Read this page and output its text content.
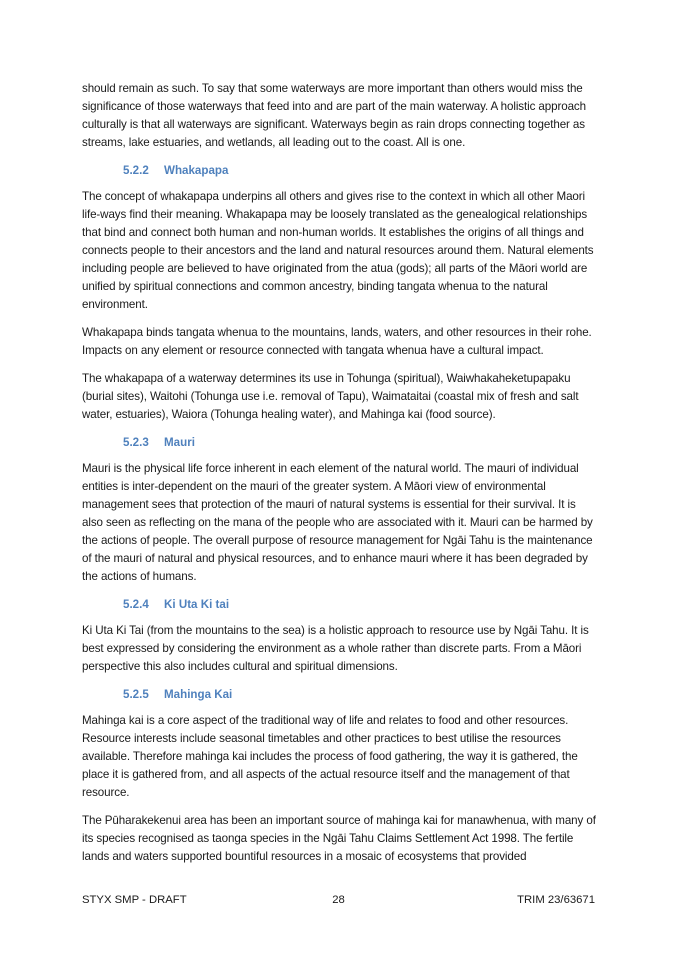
should remain as such. To say that some waterways are more important than others would miss the significance of those waterways that feed into and are part of the main waterway. A holistic approach culturally is that all waterways are significant. Waterways begin as rain drops connecting together as streams, lake estuaries, and wetlands, all leading out to the coast. All is one.

5.2.2 Whakapapa

The concept of whakapapa underpins all others and gives rise to the context in which all other Maori life-ways find their meaning. Whakapapa may be loosely translated as the genealogical relationships that bind and connect both human and non-human worlds. It establishes the origins of all things and connects people to their ancestors and the land and natural resources around them. Natural elements including people are believed to have originated from the atua (gods); all parts of the Māori world are unified by spiritual connections and common ancestry, binding tangata whenua to the natural environment.

Whakapapa binds tangata whenua to the mountains, lands, waters, and other resources in their rohe. Impacts on any element or resource connected with tangata whenua have a cultural impact.

The whakapapa of a waterway determines its use in Tohunga (spiritual), Waiwhakaheketupapaku (burial sites), Waitohi (Tohunga use i.e. removal of Tapu), Waimataitai (coastal mix of fresh and salt water, estuaries), Waiora (Tohunga healing water), and Mahinga kai (food source).

5.2.3 Mauri

Mauri is the physical life force inherent in each element of the natural world. The mauri of individual entities is inter-dependent on the mauri of the greater system. A Māori view of environmental management sees that protection of the mauri of natural systems is essential for their survival. It is also seen as reflecting on the mana of the people who are associated with it. Mauri can be harmed by the actions of people. The overall purpose of resource management for Ngāi Tahu is the maintenance of the mauri of natural and physical resources, and to enhance mauri where it has been degraded by the actions of humans.

5.2.4 Ki Uta Ki tai

Ki Uta Ki Tai (from the mountains to the sea) is a holistic approach to resource use by Ngāi Tahu. It is best expressed by considering the environment as a whole rather than discrete parts. From a Māori perspective this also includes cultural and spiritual dimensions.

5.2.5 Mahinga Kai

Mahinga kai is a core aspect of the traditional way of life and relates to food and other resources. Resource interests include seasonal timetables and other practices to best utilise the resources available. Therefore mahinga kai includes the process of food gathering, the way it is gathered, the place it is gathered from, and all aspects of the actual resource itself and the management of that resource.

The Pūharakekenui area has been an important source of mahinga kai for manawhenua, with many of its species recognised as taonga species in the Ngāi Tahu Claims Settlement Act 1998. The fertile lands and waters supported bountiful resources in a mosaic of ecosystems that provided

STYX SMP - DRAFT	28	TRIM 23/63671
